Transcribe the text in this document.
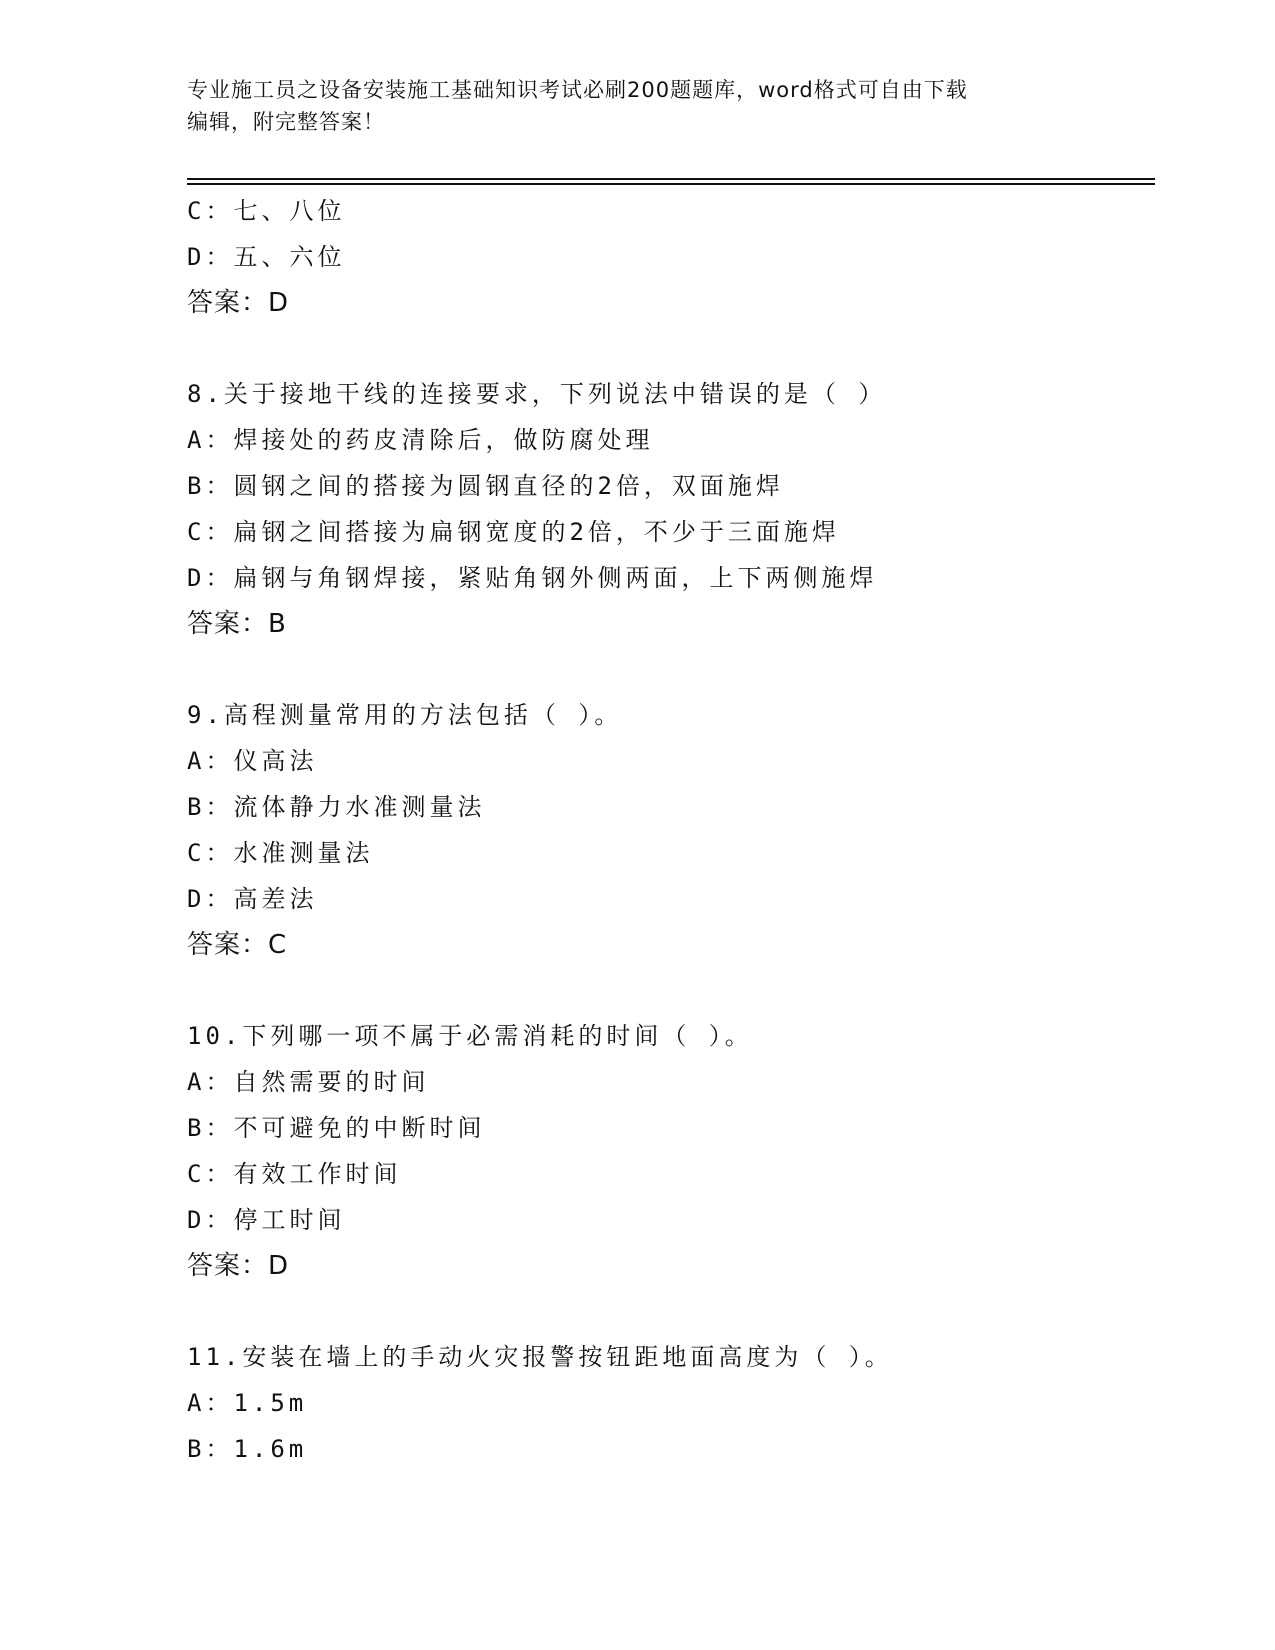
专业施工员之设备安装施工基础知识考试必刷200题题库，word格式可自由下载
编辑，附完整答案！
C：七、八位
D：五、六位
答案：D
8.关于接地干线的连接要求，下列说法中错误的是（ ）
A：焊接处的药皮清除后，做防腐处理
B：圆钢之间的搭接为圆钢直径的2倍，双面施焊
C：扁钢之间搭接为扁钢宽度的2倍，不少于三面施焊
D：扁钢与角钢焊接，紧贴角钢外侧两面，上下两侧施焊
答案：B
9.高程测量常用的方法包括（ ）。
A：仪高法
B：流体静力水准测量法
C：水准测量法
D：高差法
答案：C
10.下列哪一项不属于必需消耗的时间（ ）。
A：自然需要的时间
B：不可避免的中断时间
C：有效工作时间
D：停工时间
答案：D
11.安装在墙上的手动火灾报警按钮距地面高度为（ ）。
A：1.5m
B：1.6m
